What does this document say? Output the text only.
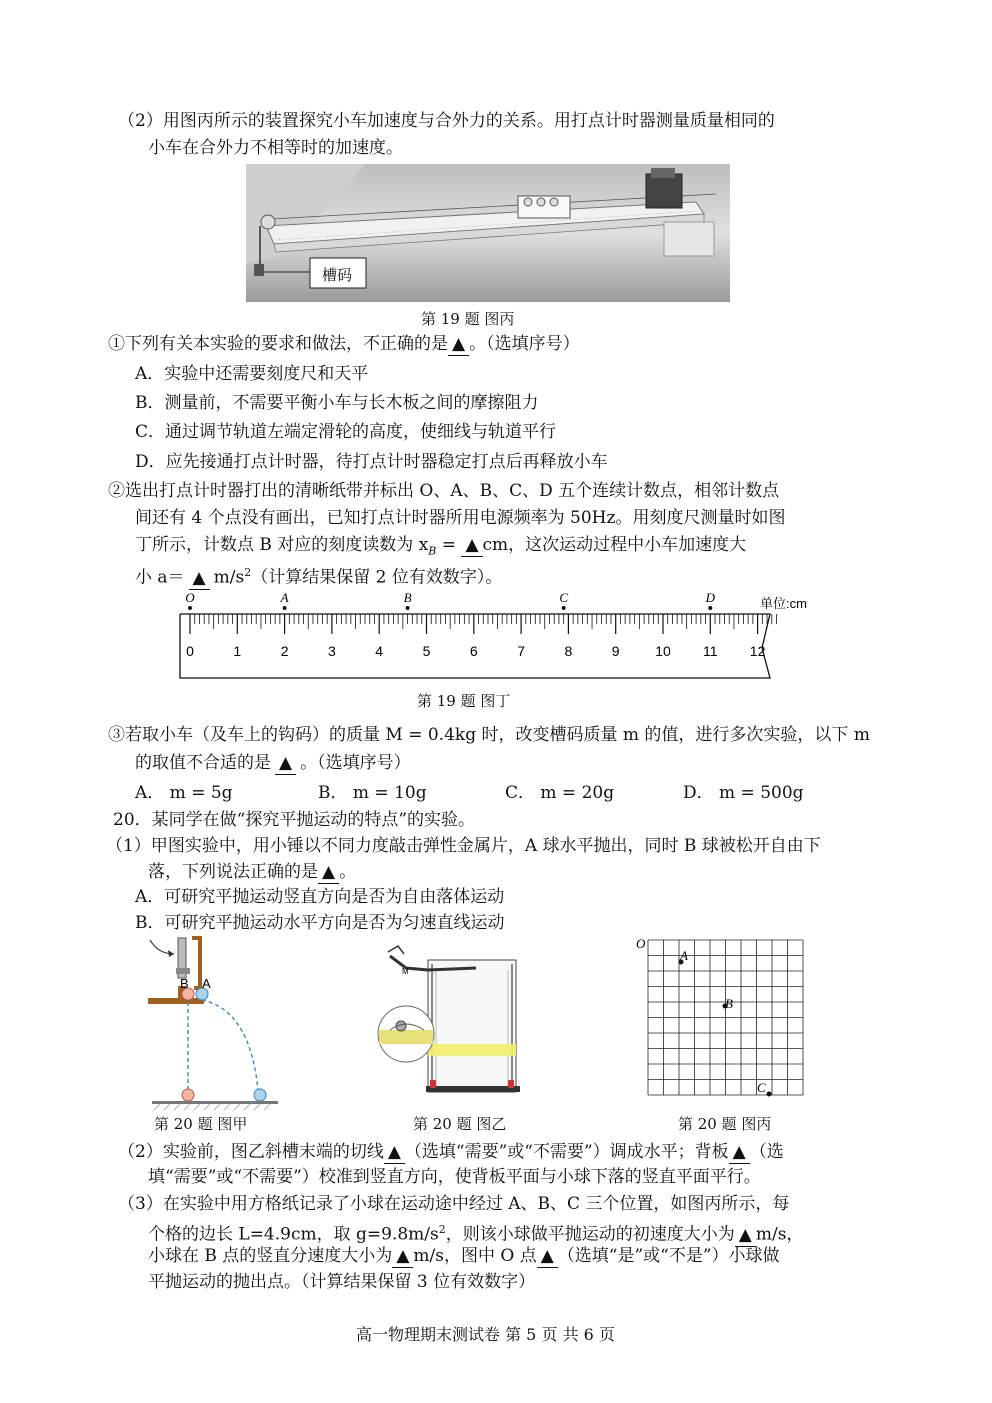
（2）用图丙所示的装置探究小车加速度与合外力的关系。用打点计时器测量质量相同的
小车在合外力不相等时的加速度。
槽码
第 19 题 图丙
①下列有关本实验的要求和做法，不正确的是 ▲ 。（选填序号）
A．实验中还需要刻度尺和天平
B．测量前，不需要平衡小车与长木板之间的摩擦阻力
C．通过调节轨道左端定滑轮的高度，使细线与轨道平行
D．应先接通打点计时器，待打点计时器稳定打点后再释放小车
②选出打点计时器打出的清晰纸带并标出 O、A、B、C、D 五个连续计数点，相邻计数点
间还有 4 个点没有画出，已知打点计时器所用电源频率为 50Hz。用刻度尺测量时如图
丁所示，计数点 B 对应的刻度读数为 $x_B$ = ▲ cm，这次运动过程中小车加速度大
小 a＝ ▲ $m/s^2$（计算结果保留 2 位有效数字）。
单位:cm
0	1	2	3	4	5	6	7	8	9	10 11 12
O	A	B	C	D
第 19 题 图丁
③若取小车（及车上的钩码）的质量 M = 0.4kg 时，改变槽码质量 m 的值，进行多次实验，以下 m
的取值不合适的是 ▲ 。（选填序号）
A． m = 5g	B． m = 10g	C． m = 20g	D． m = 500g
20．某同学在做“探究平抛运动的特点”的实验。
（1）甲图实验中，用小锤以不同力度敲击弹性金属片，A 球水平抛出，同时 B 球被松开自由下
落，下列说法正确的是 ▲ 。
A．可研究平抛运动竖直方向是否为自由落体运动
B．可研究平抛运动水平方向是否为匀速直线运动
B A
第 20 题 图甲
M
第 20 题 图乙
O
A
B
C
第 20 题 图丙
（2）实验前，图乙斜槽末端的切线 ▲ （选填“需要”或“不需要”）调成水平；背板 ▲ （选
填“需要”或“不需要”）校准到竖直方向，使背板平面与小球下落的竖直平面平行。
（3）在实验中用方格纸记录了小球在运动途中经过 A、B、C 三个位置，如图丙所示，每
个格的边长 L=4.9cm，取 $g=9.8m/s^2$，则该小球做平抛运动的初速度大小为 ▲ m/s，
小球在 B 点的竖直分速度大小为 ▲ m/s，图中 O 点 ▲ （选填“是”或“不是”）小球做
平抛运动的抛出点。（计算结果保留 3 位有效数字）
高一物理期末测试卷 第 5 页 共 6 页
